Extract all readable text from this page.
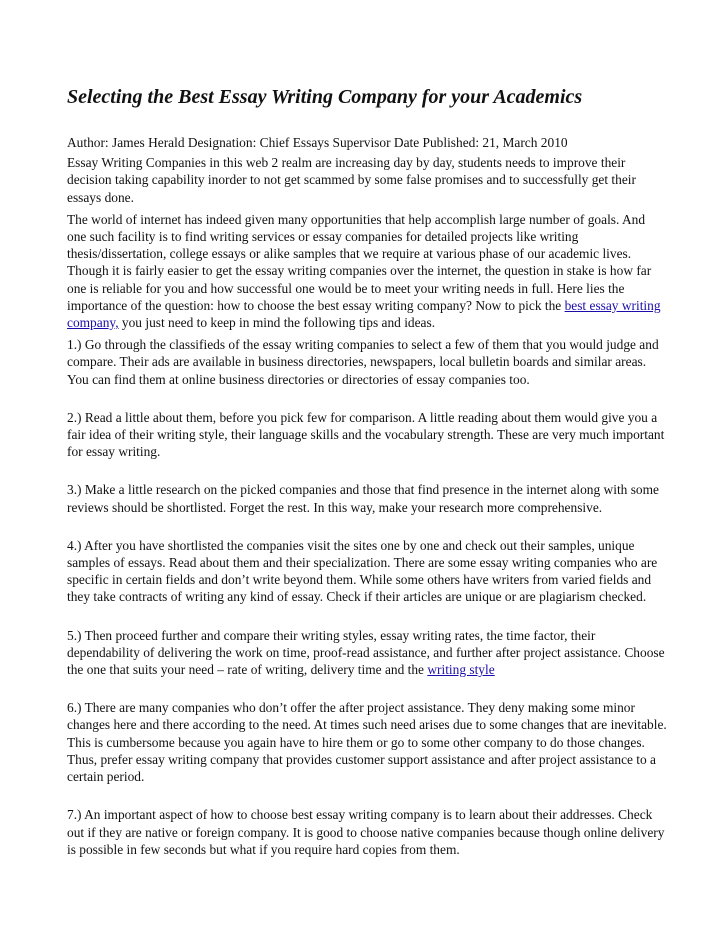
Selecting the Best Essay Writing Company for your Academics

Author: James Herald Designation: Chief Essays Supervisor Date Published: 21, March 2010

Essay Writing Companies in this web 2 realm are increasing day by day, students needs to improve their decision taking capability inorder to not get scammed by some false promises and to successfully get their essays done.

The world of internet has indeed given many opportunities that help accomplish large number of goals. And one such facility is to find writing services or essay companies for detailed projects like writing thesis/dissertation, college essays or alike samples that we require at various phase of our academic lives. Though it is fairly easier to get the essay writing companies over the internet, the question in stake is how far one is reliable for you and how successful one would be to meet your writing needs in full. Here lies the importance of the question: how to choose the best essay writing company? Now to pick the best essay writing company, you just need to keep in mind the following tips and ideas.

1.) Go through the classifieds of the essay writing companies to select a few of them that you would judge and compare. Their ads are available in business directories, newspapers, local bulletin boards and similar areas. You can find them at online business directories or directories of essay companies too.

2.) Read a little about them, before you pick few for comparison. A little reading about them would give you a fair idea of their writing style, their language skills and the vocabulary strength. These are very much important for essay writing.

3.) Make a little research on the picked companies and those that find presence in the internet along with some reviews should be shortlisted. Forget the rest. In this way, make your research more comprehensive.

4.) After you have shortlisted the companies visit the sites one by one and check out their samples, unique samples of essays. Read about them and their specialization. There are some essay writing companies who are specific in certain fields and don’t write beyond them. While some others have writers from varied fields and they take contracts of writing any kind of essay. Check if their articles are unique or are plagiarism checked.

5.) Then proceed further and compare their writing styles, essay writing rates, the time factor, their dependability of delivering the work on time, proof-read assistance, and further after project assistance. Choose the one that suits your need – rate of writing, delivery time and the writing style

6.) There are many companies who don’t offer the after project assistance. They deny making some minor changes here and there according to the need. At times such need arises due to some changes that are inevitable. This is cumbersome because you again have to hire them or go to some other company to do those changes. Thus, prefer essay writing company that provides customer support assistance and after project assistance to a certain period.

7.) An important aspect of how to choose best essay writing company is to learn about their addresses. Check out if they are native or foreign company. It is good to choose native companies because though online delivery is possible in few seconds but what if you require hard copies from them.
